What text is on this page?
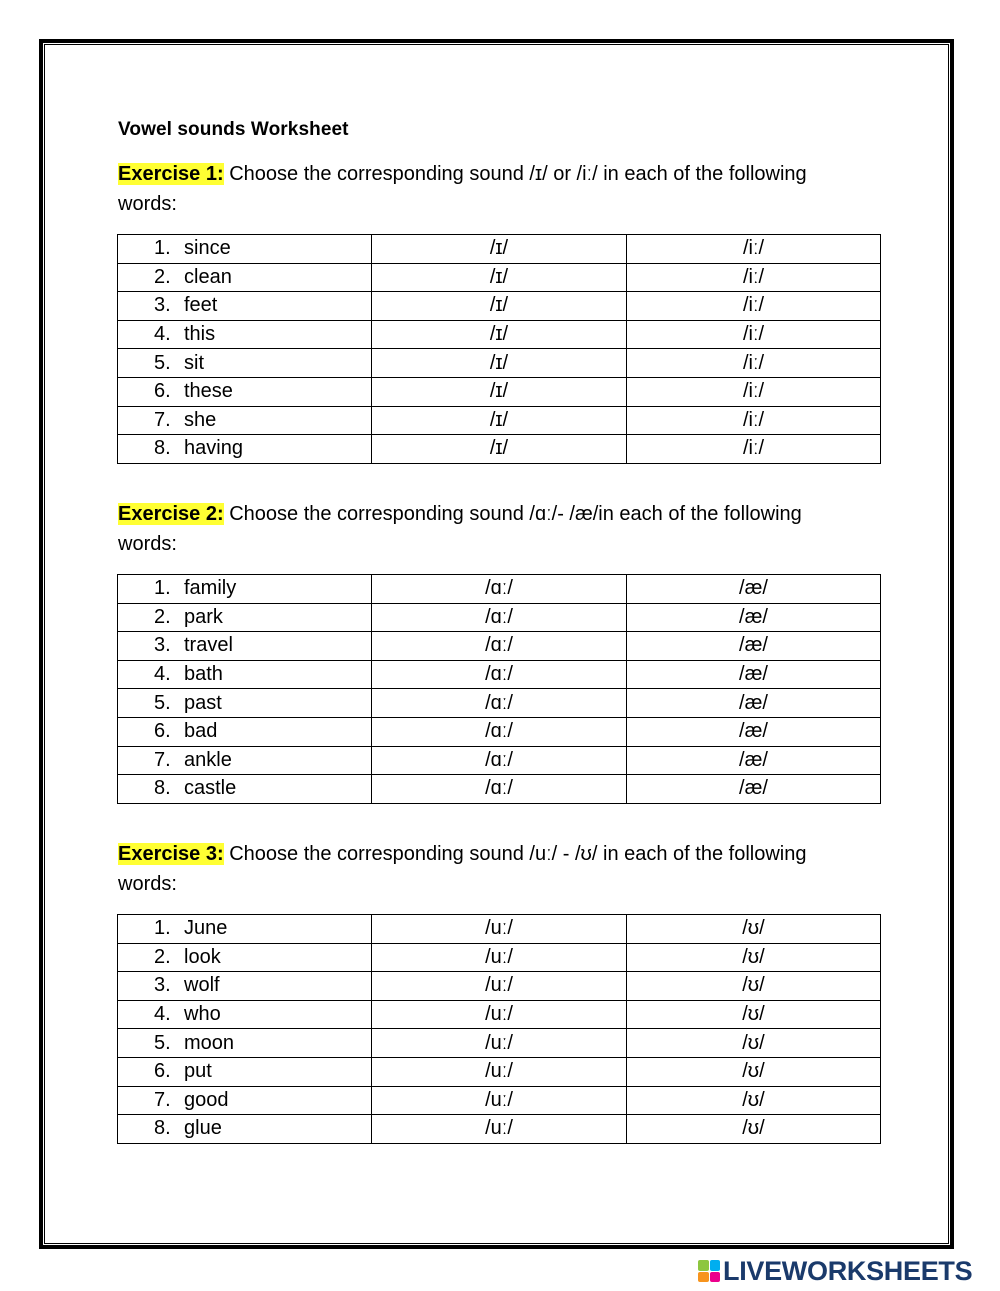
Vowel sounds Worksheet
Exercise 1: Choose the corresponding sound /ɪ/ or /iː/ in each of the following words:
1. since	/ɪ/	/iː/
2. clean	/ɪ/	/iː/
3. feet	/ɪ/	/iː/
4. this	/ɪ/	/iː/
5. sit	/ɪ/	/iː/
6. these	/ɪ/	/iː/
7. she	/ɪ/	/iː/
8. having	/ɪ/	/iː/
Exercise 2: Choose the corresponding sound /ɑː/- /æ/in each of the following words:
1. family	/ɑː/	/æ/
2. park	/ɑː/	/æ/
3. travel	/ɑː/	/æ/
4. bath	/ɑː/	/æ/
5. past	/ɑː/	/æ/
6. bad	/ɑː/	/æ/
7. ankle	/ɑː/	/æ/
8. castle	/ɑː/	/æ/
Exercise 3: Choose the corresponding sound /uː/ - /ʊ/ in each of the following words:
1. June	/uː/	/ʊ/
2. look	/uː/	/ʊ/
3. wolf	/uː/	/ʊ/
4. who	/uː/	/ʊ/
5. moon	/uː/	/ʊ/
6. put	/uː/	/ʊ/
7. good	/uː/	/ʊ/
8. glue	/uː/	/ʊ/
LIVEWORKSHEETS
